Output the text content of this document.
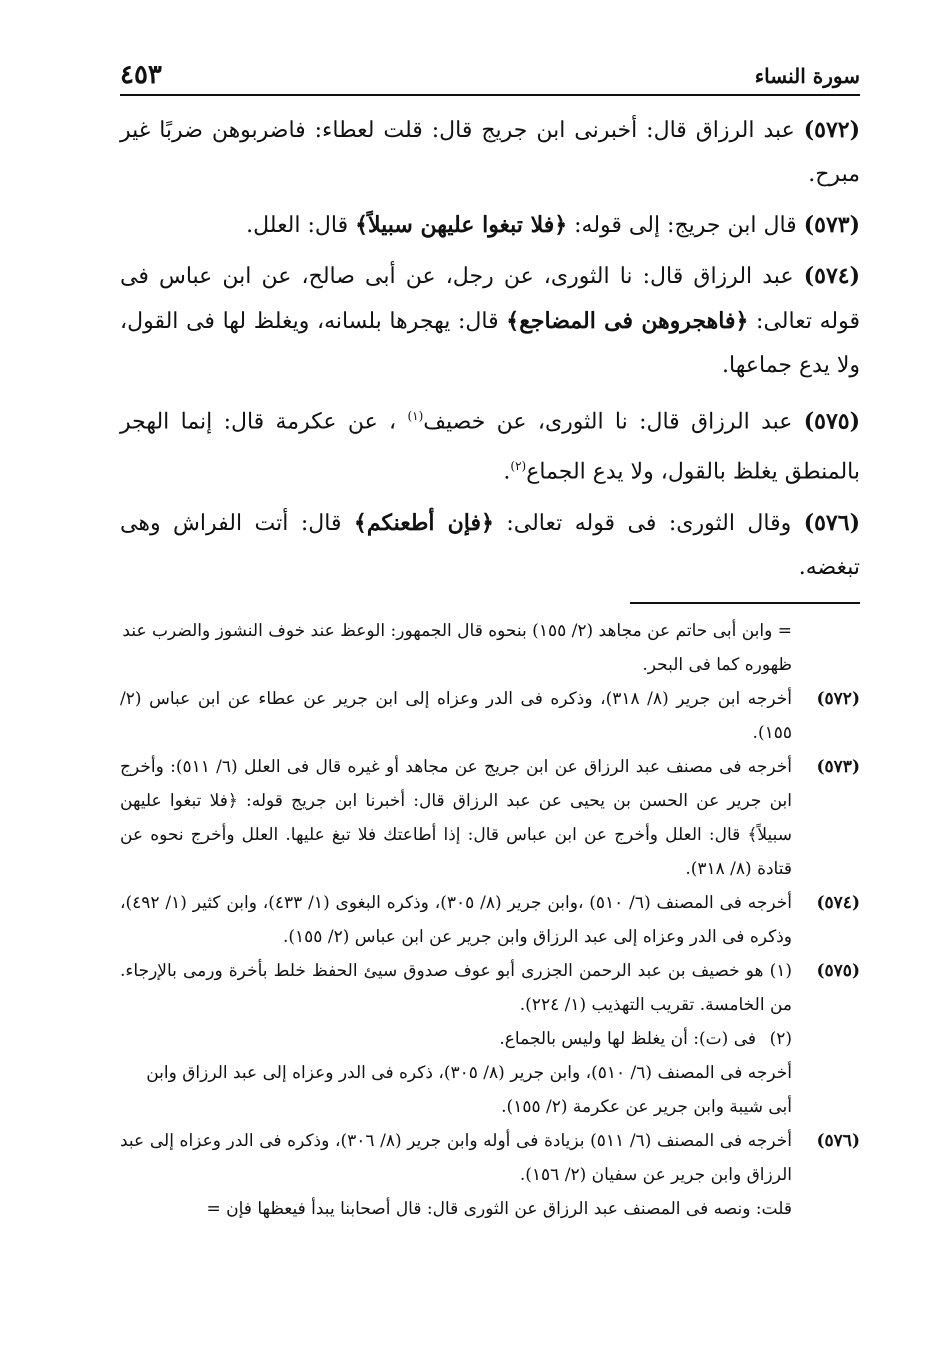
سورة النساء
٤٥٣

(٥٧٢) عبد الرزاق قال: أخبرنى ابن جريج قال: قلت لعطاء: فاضربوهن ضربًا غير مبرح.

(٥٧٣) قال ابن جريج: إلى قوله: ﴿فلا تبغوا عليهن سبيلاً﴾ قال: العلل.

(٥٧٤) عبد الرزاق قال: نا الثورى، عن رجل، عن أبى صالح، عن ابن عباس فى قوله تعالى: ﴿فاهجروهن فى المضاجع﴾ قال: يهجرها بلسانه، ويغلظ لها فى القول، ولا يدع جماعها.

(٥٧٥) عبد الرزاق قال: نا الثورى، عن خصيف$^{(١)}$ ، عن عكرمة قال: إنما الهجر بالمنطق يغلظ بالقول، ولا يدع الجماع$^{(٢)}$.

(٥٧٦) وقال الثورى: فى قوله تعالى: ﴿فإن أطعنكم﴾ قال: أتت الفراش وهى تبغضه.

= وابن أبى حاتم عن مجاهد (٢/ ١٥٥) بنحوه قال الجمهور: الوعظ عند خوف النشوز والضرب عند ظهوره كما فى البحر.
(٥٧٢)
أخرجه ابن جرير (٨/ ٣١٨)، وذكره فى الدر وعزاه إلى ابن جرير عن عطاء عن ابن عباس (٢/ ١٥٥).
(٥٧٣)
أخرجه فى مصنف عبد الرزاق عن ابن جريج عن مجاهد أو غيره قال فى العلل (٦/ ٥١١): وأخرج ابن جرير عن الحسن بن يحيى عن عبد الرزاق قال: أخبرنا ابن جريج قوله: ﴿فلا تبغوا عليهن سبيلاً﴾ قال: العلل وأخرج عن ابن عباس قال: إذا أطاعتك فلا تبغ عليها. العلل وأخرج نحوه عن قتادة (٨/ ٣١٨).
(٥٧٤)
أخرجه فى المصنف (٦/ ٥١٠) ،وابن جرير (٨/ ٣٠٥)، وذكره البغوى (١/ ٤٣٣)، وابن كثير (١/ ٤٩٢)، وذكره فى الدر وعزاه إلى عبد الرزاق وابن جرير عن ابن عباس (٢/ ١٥٥).
(٥٧٥)
(١) هو خصيف بن عبد الرحمن الجزرى أبو عوف صدوق سيئ الحفظ خلط بأخرة ورمى بالإرجاء. من الخامسة. تقريب التهذيب (١/ ٢٢٤).
(٢)
فى (ت): أن يغلظ لها وليس بالجماع.
أخرجه فى المصنف (٦/ ٥١٠)، وابن جرير (٨/ ٣٠٥)، ذكره فى الدر وعزاه إلى عبد الرزاق وابن أبى شيبة وابن جرير عن عكرمة (٢/ ١٥٥).
(٥٧٦)
أخرجه فى المصنف (٦/ ٥١١) بزيادة فى أوله وابن جرير (٨/ ٣٠٦)، وذكره فى الدر وعزاه إلى عبد الرزاق وابن جرير عن سفيان (٢/ ١٥٦).
قلت: ونصه فى المصنف عبد الرزاق عن الثورى قال: قال أصحابنا يبدأ فيعظها فإن =
